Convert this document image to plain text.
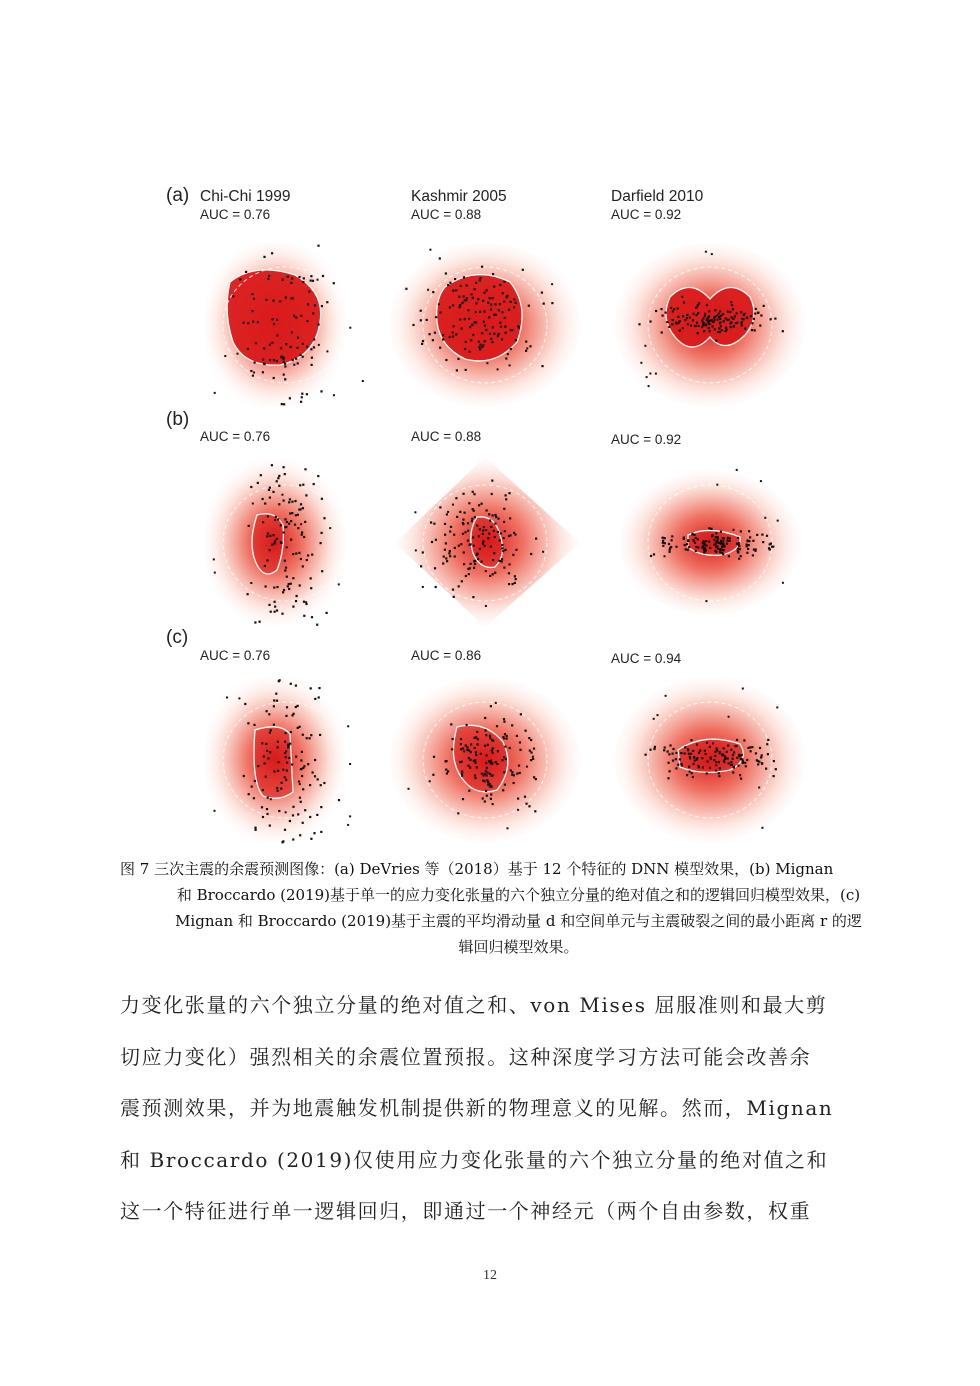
(a)
(b)
(c)
Chi-Chi 1999	Kashmir 2005	Darfield 2010
AUC = 0.76	AUC = 0.88	AUC = 0.92
AUC = 0.76	AUC = 0.88	AUC = 0.92
AUC = 0.76	AUC = 0.86	AUC = 0.94
图 7 三次主震的余震预测图像：(a) DeVries 等（2018）基于 12 个特征的 DNN 模型效果，(b) Mignan
和 Broccardo (2019)基于单一的应力变化张量的六个独立分量的绝对值之和的逻辑回归模型效果，(c) Mignan 和 Broccardo (2019)基于主震的平均滑动量 d 和空间单元与主震破裂之间的最小距离 r 的逻辑回归模型效果。
力变化张量的六个独立分量的绝对值之和、von Mises 屈服准则和最大剪
切应力变化）强烈相关的余震位置预报。这种深度学习方法可能会改善余
震预测效果，并为地震触发机制提供新的物理意义的见解。然而，Mignan
和 Broccardo (2019)仅使用应力变化张量的六个独立分量的绝对值之和
这一个特征进行单一逻辑回归，即通过一个神经元（两个自由参数，权重
12
